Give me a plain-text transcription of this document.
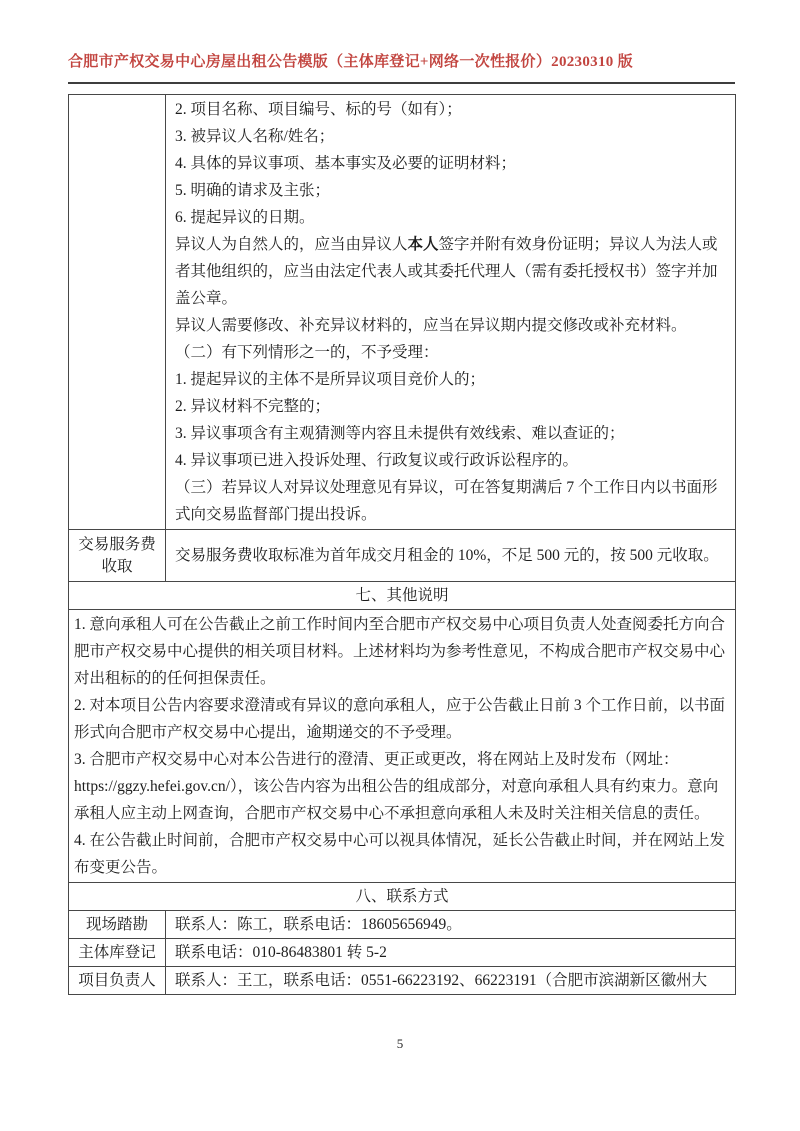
合肥市产权交易中心房屋出租公告模版（主体库登记+网络一次性报价）20230310 版

2. 项目名称、项目编号、标的号（如有）；

3. 被异议人名称/姓名；

4. 具体的异议事项、基本事实及必要的证明材料；

5. 明确的请求及主张；

6. 提起异议的日期。

异议人为自然人的，应当由异议人本人签字并附有效身份证明；异议人为法人或者其他组织的，应当由法定代表人或其委托代理人（需有委托授权书）签字并加盖公章。

异议人需要修改、补充异议材料的，应当在异议期内提交修改或补充材料。

（二）有下列情形之一的，不予受理：

1. 提起异议的主体不是所异议项目竞价人的；

2. 异议材料不完整的；

3. 异议事项含有主观猜测等内容且未提供有效线索、难以查证的；

4. 异议事项已进入投诉处理、行政复议或行政诉讼程序的。

（三）若异议人对异议处理意见有异议，可在答复期满后 7 个工作日内以书面形式向交易监督部门提出投诉。

交易服务费收取	交易服务费收取标准为首年成交月租金的 10%，不足 500 元的，按 500 元收取。
七、其他说明	

1. 意向承租人可在公告截止之前工作时间内至合肥市产权交易中心项目负责人处查阅委托方向合肥市产权交易中心提供的相关项目材料。上述材料均为参考性意见，不构成合肥市产权交易中心对出租标的的任何担保责任。

2. 对本项目公告内容要求澄清或有异议的意向承租人，应于公告截止日前 3 个工作日前，以书面形式向合肥市产权交易中心提出，逾期递交的不予受理。

3. 合肥市产权交易中心对本公告进行的澄清、更正或更改，将在网站上及时发布（网址：https://ggzy.hefei.gov.cn/），该公告内容为出租公告的组成部分，对意向承租人具有约束力。意向承租人应主动上网查询，合肥市产权交易中心不承担意向承租人未及时关注相关信息的责任。

4. 在公告截止时间前，合肥市产权交易中心可以视具体情况，延长公告截止时间，并在网站上发布变更公告。	

八、联系方式	
现场踏勘	联系人：陈工，联系电话：18605656949。
主体库登记	联系电话：010-86483801 转 5-2
项目负责人	联系人：王工，联系电话：0551-66223192、66223191（合肥市滨湖新区徽州大
5
